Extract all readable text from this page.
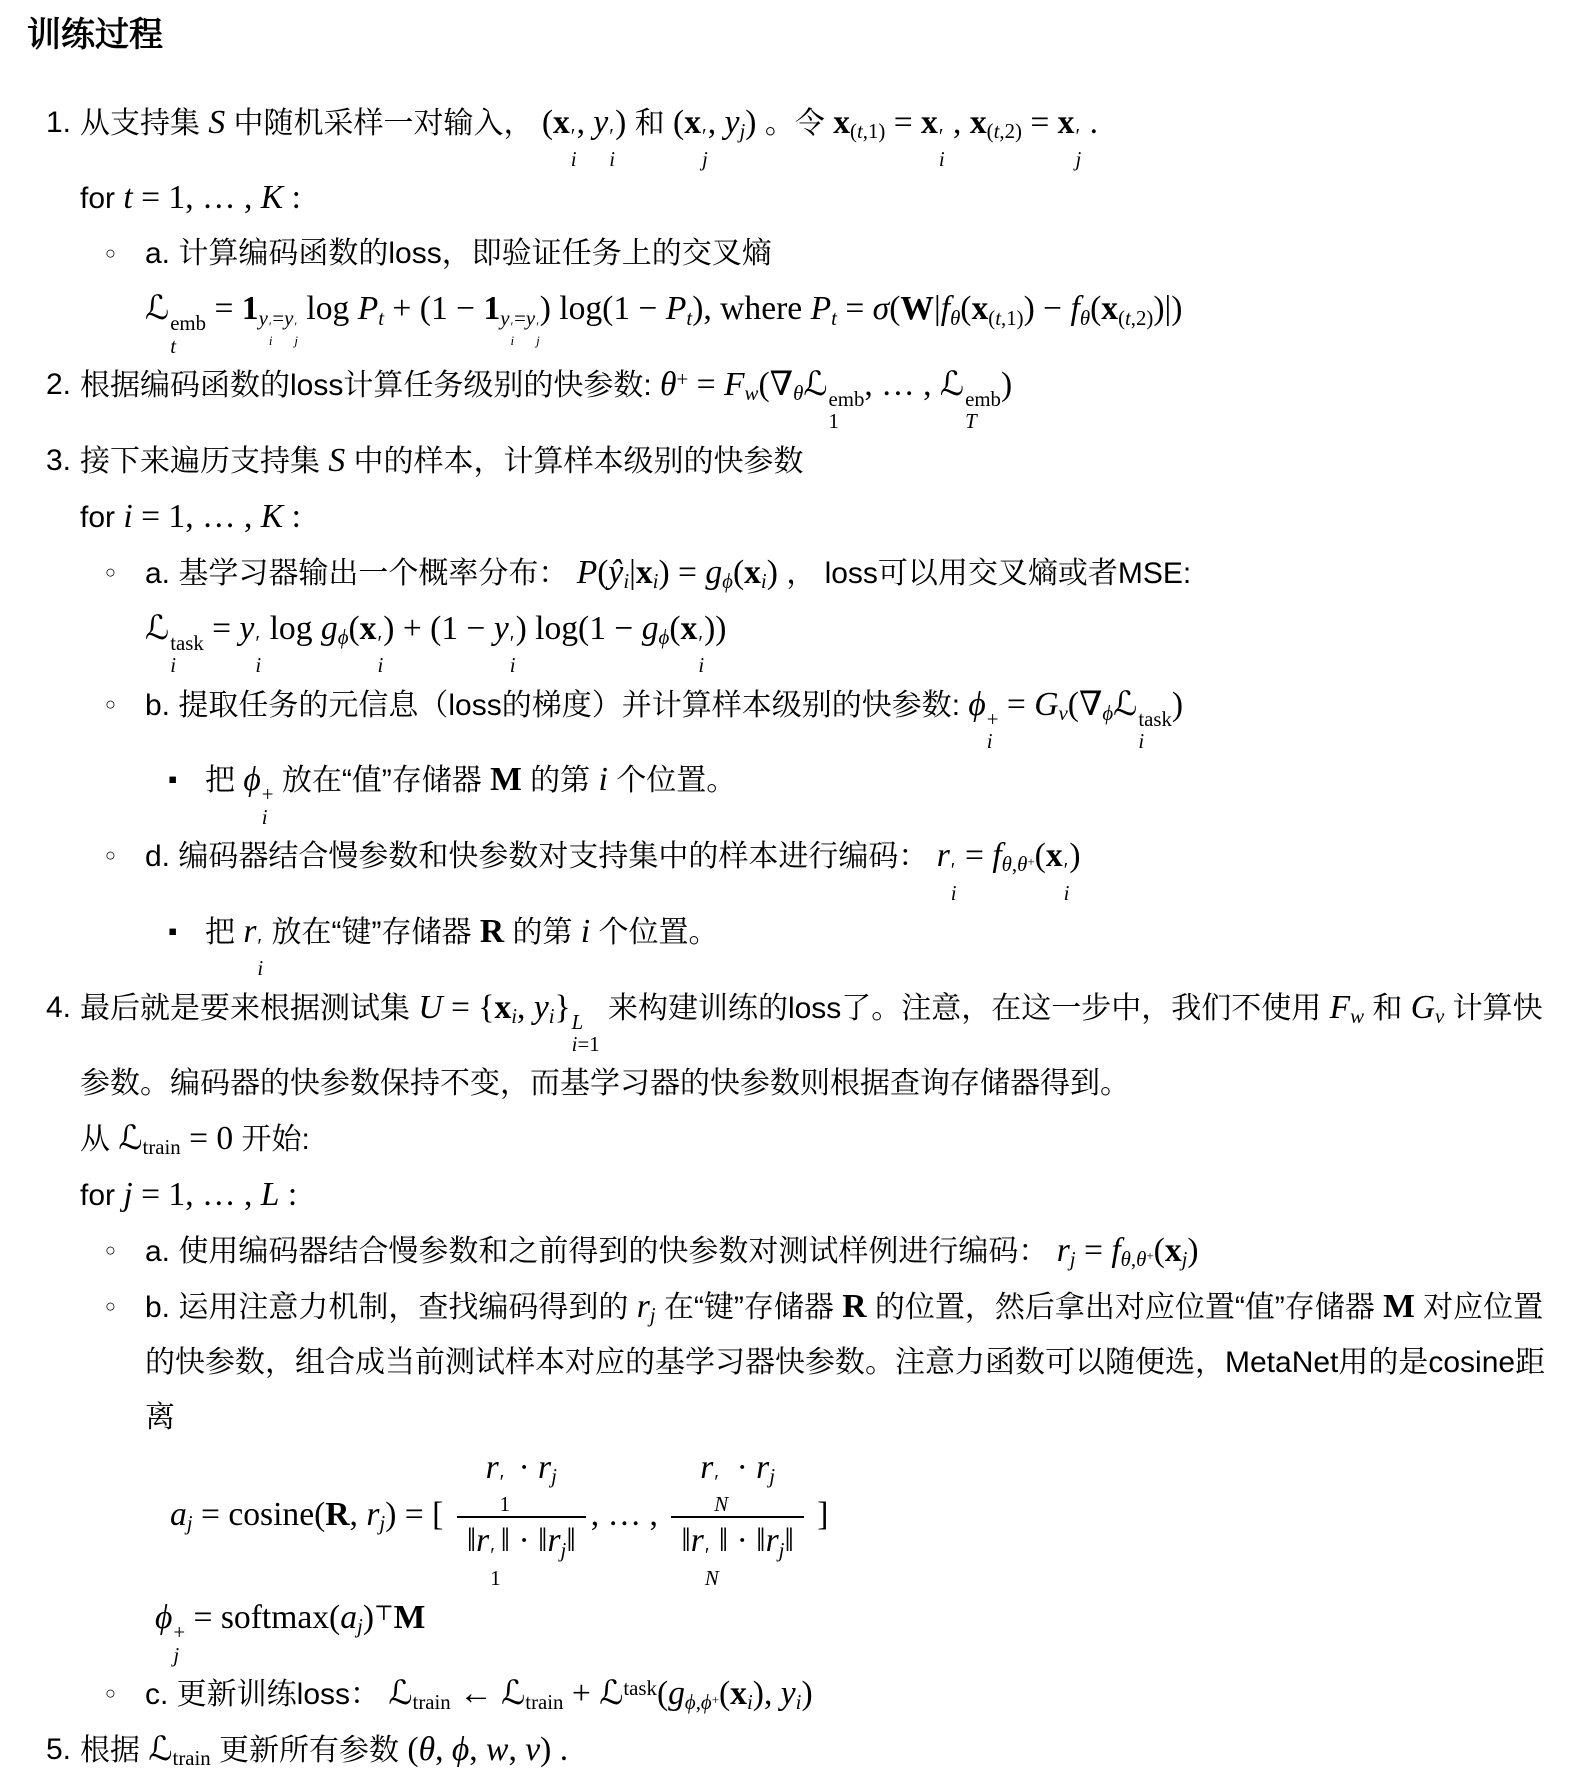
训练过程
1. 从支持集 S 中随机采样一对输入， (x ′
i
, y ′
i
) 和 (x ′
j
, yj) 。令 x(t,1) = x ′
i
, x(t,2) = x ′
j
.

for t = 1, … , K :

○ a. 计算编码函数的loss，即验证任务上的交叉熵

ℒ emb
t
= 1y ′
i
=y ′
j
log Pt + (1 − 1y ′
i
=y ′
j
) log(1 − Pt), where Pt = σ(W|fθ(x(t,1)) − fθ(x(t,2))|)

2. 根据编码函数的loss计算任务级别的快参数: θ+ = Fw(∇θℒ emb
1
, … , ℒ emb
T
)

3. 接下来遍历支持集 S 中的样本，计算样本级别的快参数

for i = 1, … , K :

○ a. 基学习器输出一个概率分布： P(ŷi|xi) = gϕ(xi) ， loss可以用交叉熵或者MSE:

ℒ task
i
= y ′
i
log gϕ(x ′
i
) + (1 − y ′
i
) log(1 − gϕ(x ′
i
))

○ b. 提取任务的元信息（loss的梯度）并计算样本级别的快参数: ϕ +
i
= Gv(∇ϕℒ task
i
)

▪ 把 ϕ +
i
放在“值”存储器 M 的第 i 个位置。

○ d. 编码器结合慢参数和快参数对支持集中的样本进行编码： r ′
i
= fθ,θ+(x ′
i
)

▪ 把 r ′
i
放在“键”存储器 R 的第 i 个位置。

4. 最后就是要来根据测试集 U = {xi, yi} L
i=1
来构建训练的loss了。注意，在这一步中，我们不使用 Fw 和 Gv 计算快参数。编码器的快参数保持不变，而基学习器的快参数则根据查询存储器得到。

从 ℒtrain = 0 开始:

for j = 1, … , L :

○ a. 使用编码器结合慢参数和之前得到的快参数对测试样例进行编码： rj = fθ,θ+(xj)

○ b. 运用注意力机制，查找编码得到的 rj 在“键”存储器 R 的位置，然后拿出对应位置“值”存储器 M 对应位置的快参数，组合成当前测试样本对应的基学习器快参数。注意力函数可以随便选，MetaNet用的是cosine距离

aj = cosine(R, rj) = [ r ′
1
· rj
‖r ′
1
‖ · ‖rj‖ , … , r ′
N
· rj
‖r ′
N
‖ · ‖rj‖ ]

ϕ +
j
= softmax(aj)⊤M

○ c. 更新训练loss： ℒtrain ← ℒtrain + ℒtask(gϕ,ϕ+(xi), yi)

5. 根据 ℒtrain 更新所有参数 (θ, ϕ, w, v) .
